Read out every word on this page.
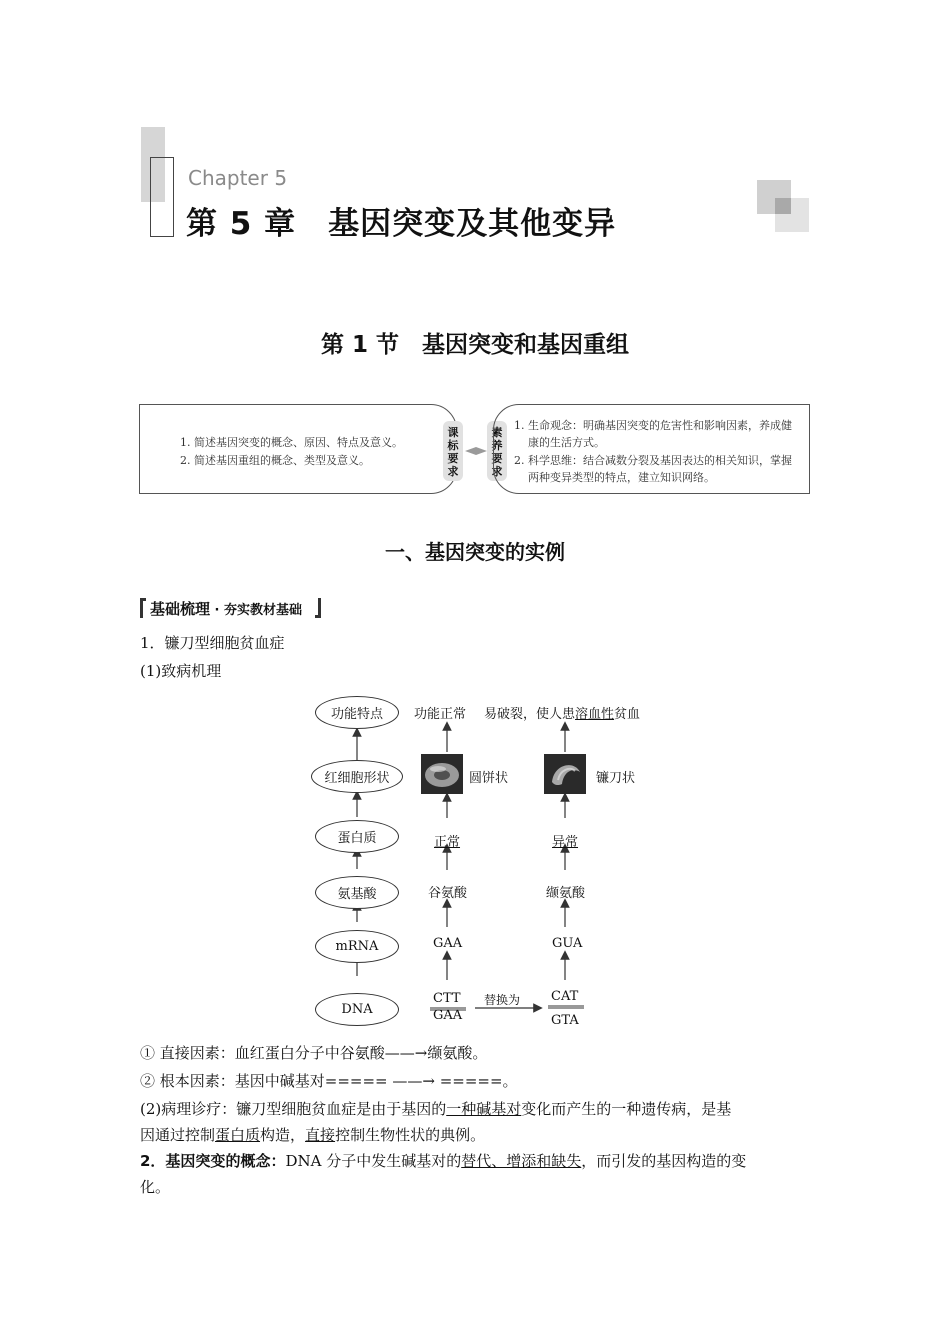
Chapter 5
第 5 章　基因突变及其他变异
第 1 节　基因突变和基因重组
1. 简述基因突变的概念、原因、特点及意义。
2. 简述基因重组的概念、类型及意义。
课
标
要
求
素
养
要
求
1. 生命观念：明确基因突变的危害性和影响因素，养成健
康的生活方式。
2. 科学思维：结合减数分裂及基因表达的相关知识，掌握
两种变异类型的特点，建立知识网络。
一、基因突变的实例
基础梳理 · 夯实教材基础
1．镰刀型细胞贫血症
(1)致病机理
功能特点
红细胞形状
蛋白质
氨基酸
mRNA
DNA
功能正常
圆饼状
正常
谷氨酸
GAA
CTT
GAA
替换为
易破裂，使人患溶血性贫血
镰刀状
异常
缬氨酸
GUA
CAT
GTA
① 直接因素：血红蛋白分子中谷氨酸——→缬氨酸。
② 根本因素：基因中碱基对===== ——→ =====。
(2)病理诊疗：镰刀型细胞贫血症是由于基因的一种碱基对变化而产生的一种遗传病，是基
因通过控制蛋白质构造，直接控制生物性状的典例。
2．基因突变的概念：DNA 分子中发生碱基对的替代、增添和缺失，而引发的基因构造的变
化。
